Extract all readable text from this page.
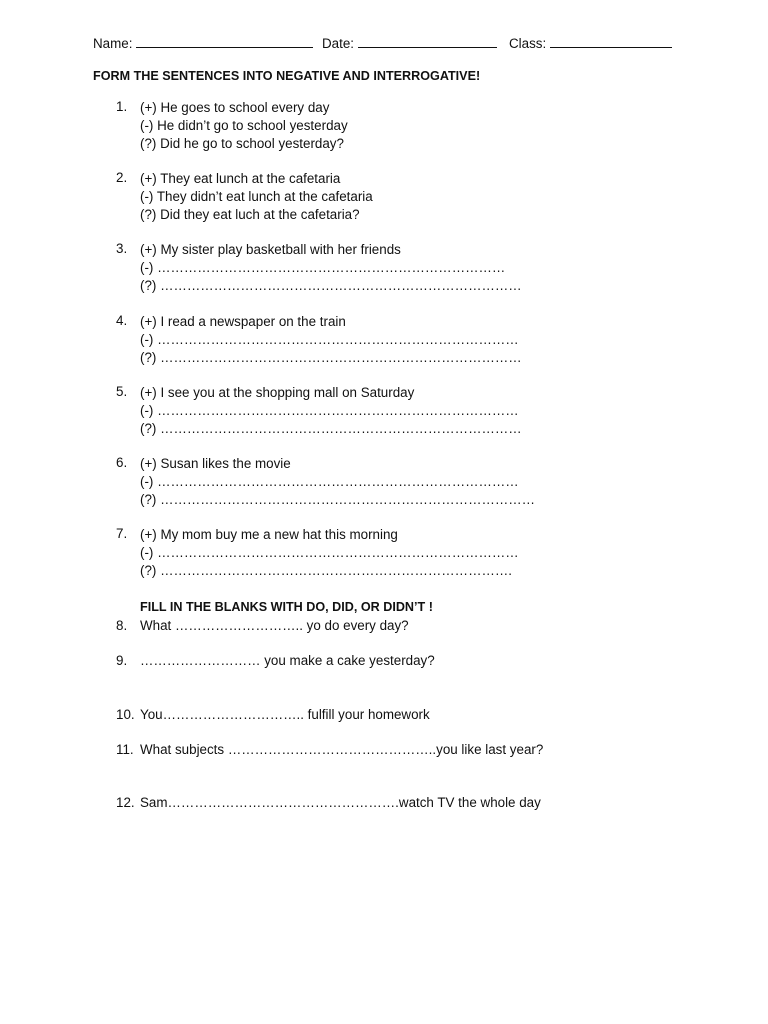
Name:	Date:	Class:
FORM THE SENTENCES INTO NEGATIVE AND INTERROGATIVE!
1. (+) He goes to school every day
(-) He didn’t go to school yesterday
(?) Did he go to school yesterday?
2. (+) They eat lunch at the cafetaria
(-) They didn’t eat lunch at the cafetaria
(?) Did they eat luch at the cafetaria?
3. (+) My sister play basketball with her friends
(-) ……………………………………………………………………
(?) ………………………………………………………………………
4. (+) I read a newspaper on the train
(-) ………………………………………………………………………
(?) ………………………………………………………………………
5. (+) I see you at the shopping mall on Saturday
(-) ………………………………………………………………………
(?) ………………………………………………………………………
6. (+) Susan likes the movie
(-) ………………………………………………………………………
(?) …………………………………………………………………………
7. (+) My mom buy me a new hat this morning
(-) ………………………………………………………………………
(?) …………………………………………………………………….
FILL IN THE BLANKS WITH DO, DID, OR DIDN’T !
8. What ……………………….. yo do every day?
9. ……………………… you make a cake yesterday?
10. You………………………….. fulfill your homework
11. What subjects ………………………………………..you like last year?
12. Sam…………………………………………….watch TV the whole day
